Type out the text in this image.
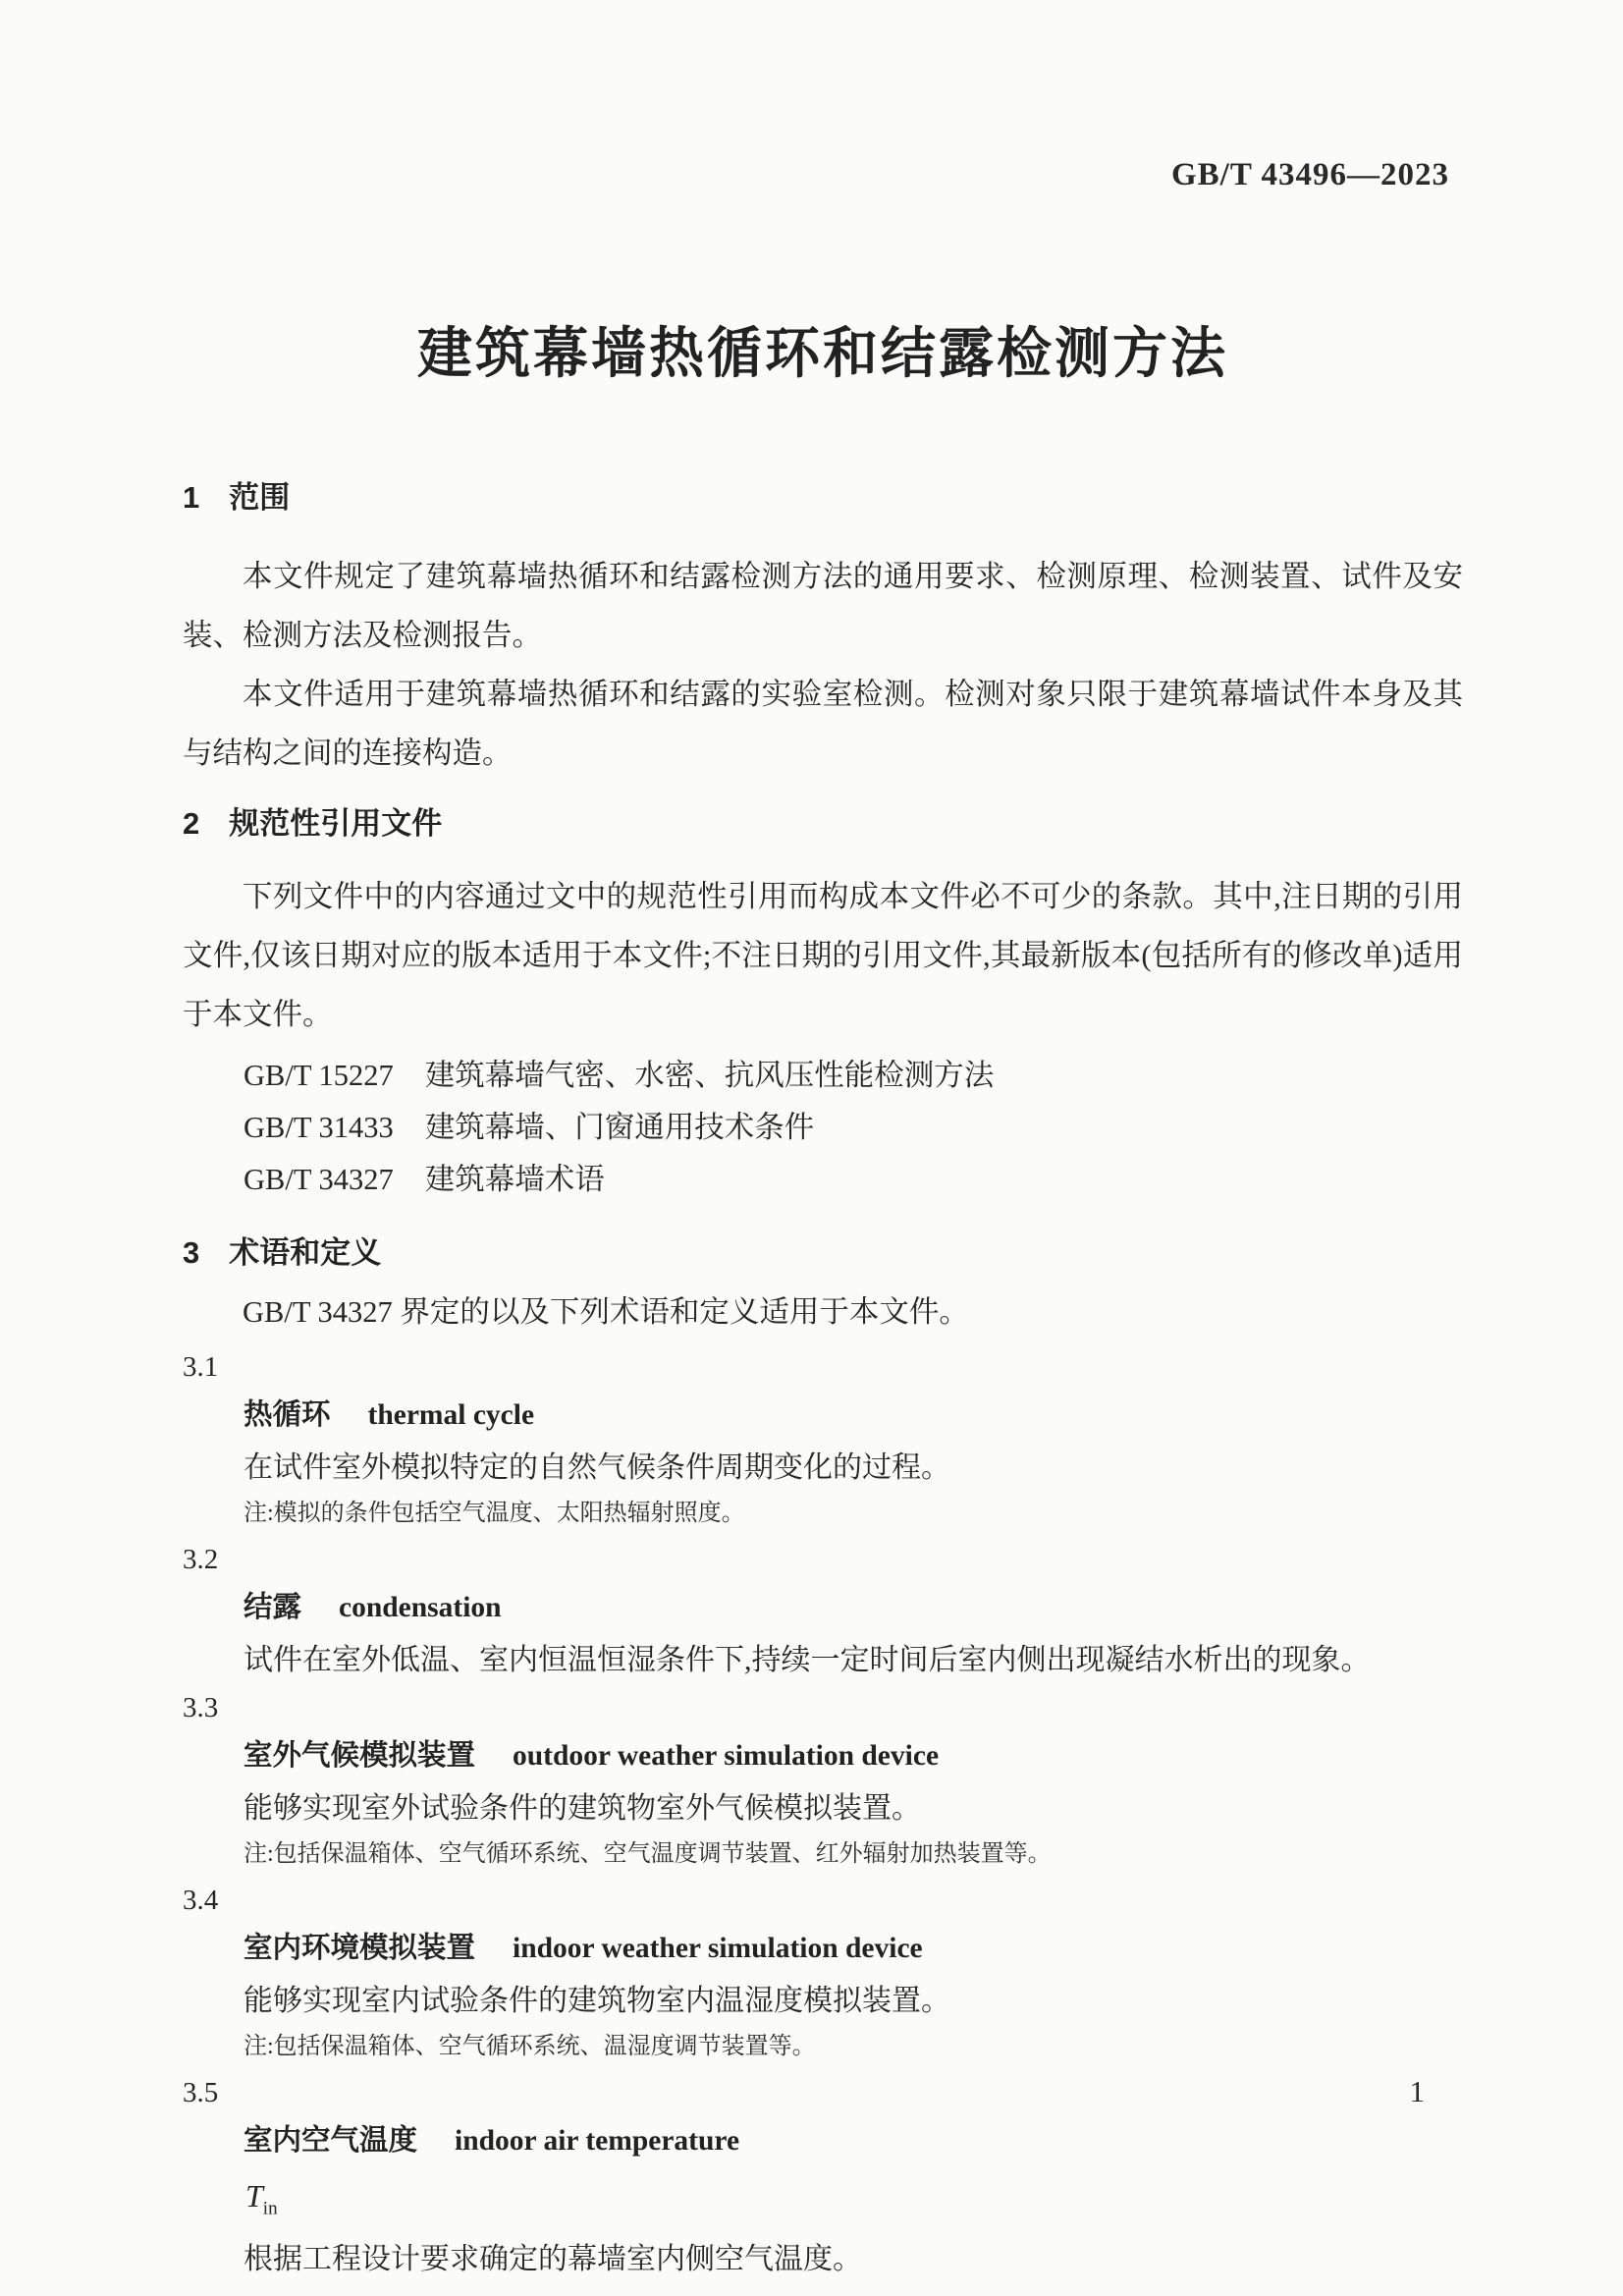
GB/T 43496—2023
建筑幕墙热循环和结露检测方法
1 范围

本文件规定了建筑幕墙热循环和结露检测方法的通用要求、检测原理、检测装置、试件及安装、检测方法及检测报告。

本文件适用于建筑幕墙热循环和结露的实验室检测。检测对象只限于建筑幕墙试件本身及其与结构之间的连接构造。

2 规范性引用文件

下列文件中的内容通过文中的规范性引用而构成本文件必不可少的条款。其中,注日期的引用文件,仅该日期对应的版本适用于本文件;不注日期的引用文件,其最新版本(包括所有的修改单)适用于本文件。

GB/T 15227 建筑幕墙气密、水密、抗风压性能检测方法
GB/T 31433 建筑幕墙、门窗通用技术条件
GB/T 34327 建筑幕墙术语
3 术语和定义

GB/T 34327 界定的以及下列术语和定义适用于本文件。

3.1
热循环 thermal cycle
在试件室外模拟特定的自然气候条件周期变化的过程。
注:模拟的条件包括空气温度、太阳热辐射照度。
3.2
结露 condensation
试件在室外低温、室内恒温恒湿条件下,持续一定时间后室内侧出现凝结水析出的现象。
3.3
室外气候模拟装置 outdoor weather simulation device
能够实现室外试验条件的建筑物室外气候模拟装置。
注:包括保温箱体、空气循环系统、空气温度调节装置、红外辐射加热装置等。
3.4
室内环境模拟装置 indoor weather simulation device
能够实现室内试验条件的建筑物室内温湿度模拟装置。
注:包括保温箱体、空气循环系统、温湿度调节装置等。
3.5
室内空气温度 indoor air temperature
$T_{in}$
根据工程设计要求确定的幕墙室内侧空气温度。
1
